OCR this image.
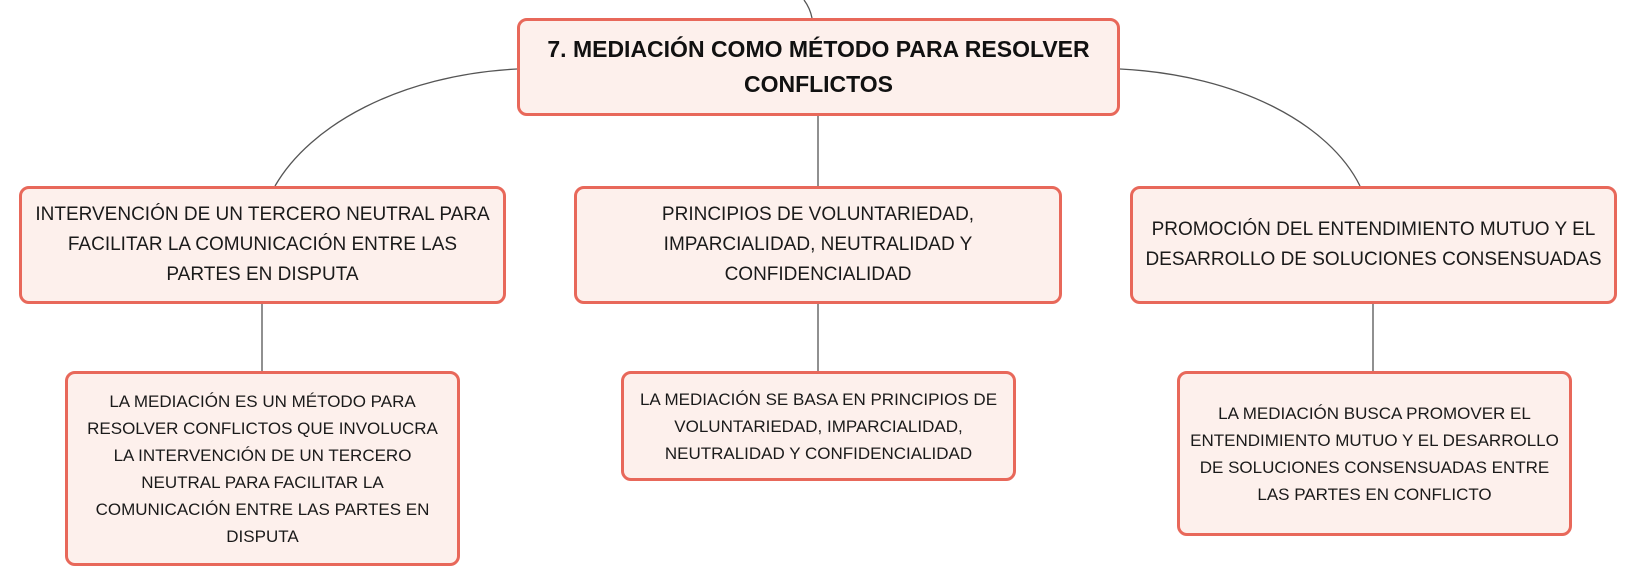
7. MEDIACIÓN COMO MÉTODO PARA RESOLVER CONFLICTOS
INTERVENCIÓN DE UN TERCERO NEUTRAL PARA FACILITAR LA COMUNICACIÓN ENTRE LAS PARTES EN DISPUTA
PRINCIPIOS DE VOLUNTARIEDAD, IMPARCIALIDAD, NEUTRALIDAD Y CONFIDENCIALIDAD
PROMOCIÓN DEL ENTENDIMIENTO MUTUO Y EL DESARROLLO DE SOLUCIONES CONSENSUADAS
LA MEDIACIÓN ES UN MÉTODO PARA RESOLVER CONFLICTOS QUE INVOLUCRA LA INTERVENCIÓN DE UN TERCERO NEUTRAL PARA FACILITAR LA COMUNICACIÓN ENTRE LAS PARTES EN DISPUTA
LA MEDIACIÓN SE BASA EN PRINCIPIOS DE VOLUNTARIEDAD, IMPARCIALIDAD, NEUTRALIDAD Y CONFIDENCIALIDAD
LA MEDIACIÓN BUSCA PROMOVER EL ENTENDIMIENTO MUTUO Y EL DESARROLLO DE SOLUCIONES CONSENSUADAS ENTRE LAS PARTES EN CONFLICTO
